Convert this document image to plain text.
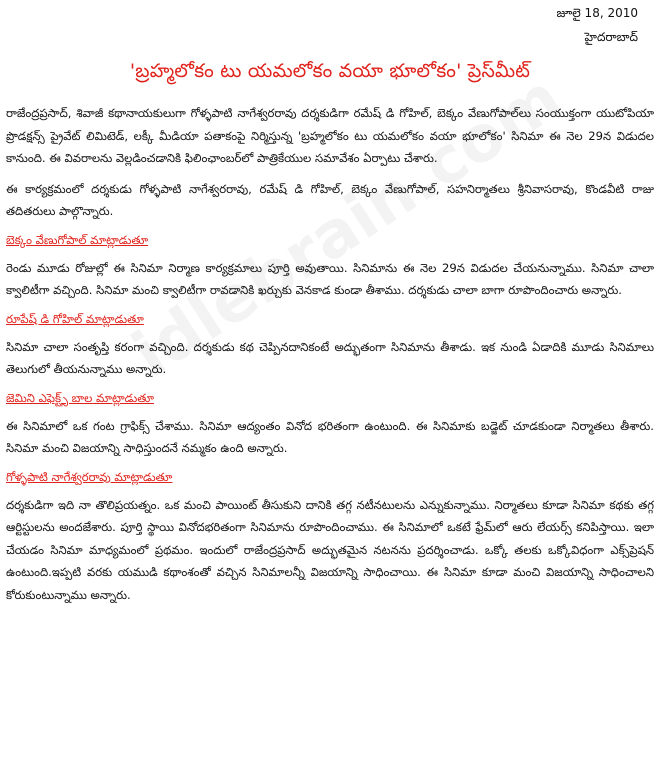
జూలై 18, 2010
హైదరాబాద్
'బ్రహ్మలోకం టు యమలోకం వయా భూలోకం' ప్రెస్‌మీట్

రాజేంద్రప్రసాద్, శివాజీ కథానాయకులుగా గోళ్ళపాటి నాగేశ్వరరావు దర్శకుడిగా రమేష్ డి గోహిల్, బెక్కం వేణుగోపాల్‌లు సంయుక్తంగా యుటోపియా ప్రొడక్షన్స్ ప్రైవేట్ లిమిటెడ్, లక్కీ మీడియా పతాకంపై నిర్మిస్తున్న 'బ్రహ్మలోకం టు యమలోకం వయా భూలోకం' సినిమా ఈ నెల 29న విడుదల కానుంది. ఈ వివరాలను వెల్లడించడానికి ఫిలింఛాంబర్‌లో పాత్రికేయుల సమావేశం ఏర్పాటు చేశారు.

ఈ కార్యక్రమంలో దర్శకుడు గోళ్ళపాటి నాగేశ్వరరావు, రమేష్ డి గోహిల్, బెక్కం వేణుగోపాల్, సహనిర్మాతలు శ్రీనివాసరావు, కొండవీటి రాజు తదితరులు పాల్గొన్నారు.

బెక్కం వేణుగోపాల్ మాట్లాడుతూ

రెండు మూడు రోజుల్లో ఈ సినిమా నిర్మాణ కార్యక్రమాలు పూర్తి అవుతాయి. సినిమాను ఈ నెల 29న విడుదల చేయనున్నాము. సినిమా చాలా క్వాలిటీగా వచ్చింది. సినిమా మంచి క్వాలిటీగా రావడానికి ఖర్చుకు వెనకాడ కుండా తీశాము. దర్శకుడు చాలా బాగా రూపొందించారు అన్నారు.

రూపేష్ డి గోహిల్ మాట్లాడుతూ

సినిమా చాలా సంతృప్తి కరంగా వచ్చింది. దర్శకుడు కథ చెప్పినదానికంటే అద్భుతంగా సినిమాను తీశాడు. ఇక నుండి ఏడాదికి మూడు సినిమాలు తెలుగులో తీయనున్నాము అన్నారు.

జెమిని ఎఫెక్ట్స్ బాల మాట్లాడుతూ

ఈ సినిమాలో ఒక గంట గ్రాఫిక్స్ చేశాము. సినిమా ఆద్యంతం వినోద భరితంగా ఉంటుంది. ఈ సినిమాకు బడ్జెట్ చూడకుండా నిర్మాతలు తీశారు. సినిమా మంచి విజయాన్ని సాధిస్తుందనే నమ్మకం ఉంది అన్నారు.

గోళ్ళపాటి నాగేశ్వరరావు మాట్లాడుతూ

దర్శకుడిగా ఇది నా తొలిప్రయత్నం. ఒక మంచి పాయింట్ తీసుకుని దానికి తగ్గ నటీనటులను ఎన్నుకున్నాము. నిర్మాతలు కూడా సినిమా కథకు తగ్గ ఆర్టిస్టులను అందజేశారు. పూర్తి స్థాయి వినోదభరితంగా సినిమాను రూపొందించాము. ఈ సినిమాలో ఒకటే ఫ్రేమ్‌లో ఆరు లేయర్స్ కనిపిస్తాయి. ఇలా చేయడం సినిమా మాధ్యమంలో ప్రథమం. ఇందులో రాజేంద్రప్రసాద్ అద్భుతమైన నటనను ప్రదర్శించాడు. ఒక్కో తలకు ఒక్కోవిధంగా ఎక్స్‌ప్రెషన్ ఉంటుంది.ఇప్పటి వరకు యముడి కథాంశంతో వచ్చిన సినిమాలన్నీ విజయాన్ని సాధించాయి. ఈ సినిమా కూడా మంచి విజయాన్ని సాధించాలని కోరుకుంటున్నాము అన్నారు.
